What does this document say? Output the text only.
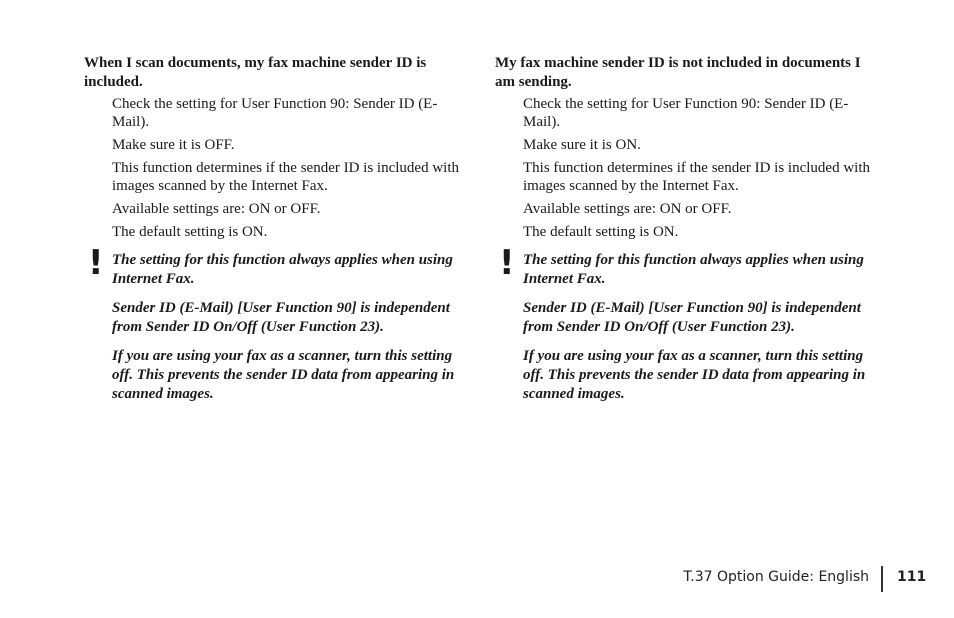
When I scan documents, my fax machine sender ID is included.

Check the setting for User Function 90: Sender ID (E-Mail).

Make sure it is OFF.

This function determines if the sender ID is included with images scanned by the Internet Fax.

Available settings are: ON or OFF.

The default setting is ON.

! The setting for this function always applies when using Internet Fax.

Sender ID (E-Mail) [User Function 90] is independent from Sender ID On/Off (User Function 23).

If you are using your fax as a scanner, turn this setting off. This prevents the sender ID data from appearing in scanned images.

My fax machine sender ID is not included in documents I am sending.

Check the setting for User Function 90: Sender ID (E-Mail).

Make sure it is ON.

This function determines if the sender ID is included with images scanned by the Internet Fax.

Available settings are: ON or OFF.

The default setting is ON.

! The setting for this function always applies when using Internet Fax.

Sender ID (E-Mail) [User Function 90] is independent from Sender ID On/Off (User Function 23).

If you are using your fax as a scanner, turn this setting off. This prevents the sender ID data from appearing in scanned images.

T.37 Option Guide: English 111
